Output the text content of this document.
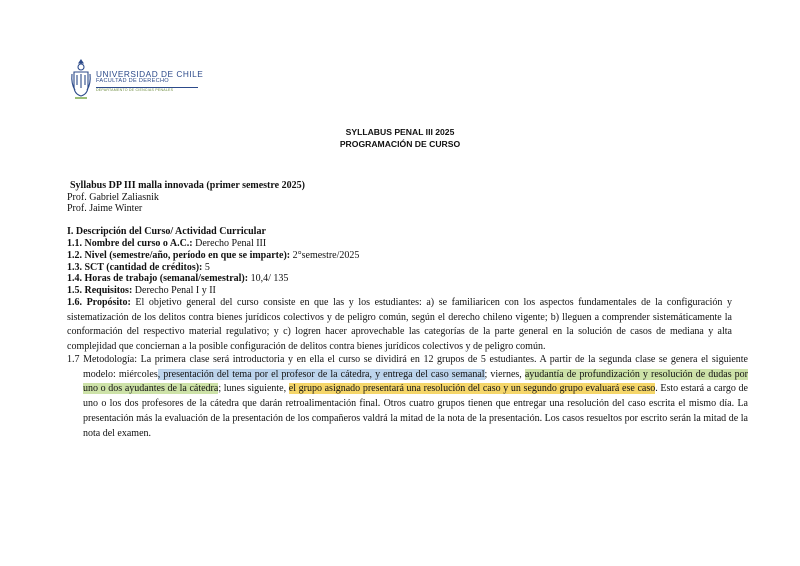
UNIVERSIDAD DE CHILE
FACULTAD DE DERECHO
DEPARTAMENTO DE CIENCIAS PENALES
SYLLABUS PENAL III 2025
PROGRAMACIÓN DE CURSO
Syllabus DP III malla innovada (primer semestre 2025)
Prof. Gabriel Zaliasnik
Prof. Jaime Winter
I. Descripción del Curso/ Actividad Curricular
1.1. Nombre del curso o A.C.: Derecho Penal III
1.2. Nivel (semestre/año, período en que se imparte): 2°semestre/2025
1.3. SCT (cantidad de créditos): 5
1.4. Horas de trabajo (semanal/semestral): 10,4/ 135
1.5. Requisitos: Derecho Penal I y II
1.6. Propósito: El objetivo general del curso consiste en que las y los estudiantes: a) se familiaricen con los aspectos fundamentales de la configuración y sistematización de los delitos contra bienes jurídicos colectivos y de peligro común, según el derecho chileno vigente; b) lleguen a comprender sistemáticamente la conformación del respectivo material regulativo; y c) logren hacer aprovechable las categorías de la parte general en la solución de casos de mediana y alta complejidad que conciernan a la posible configuración de delitos contra bienes jurídicos colectivos y de peligro común.
1.7 Metodología: La primera clase será introductoria y en ella el curso se dividirá en 12 grupos de 5 estudiantes. A partir de la segunda clase se genera el siguiente modelo: miércoles, presentación del tema por el profesor de la cátedra, y entrega del caso semanal; viernes, ayudantía de profundización y resolución de dudas por uno o dos ayudantes de la cátedra; lunes siguiente, el grupo asignado presentará una resolución del caso y un segundo grupo evaluará ese caso. Esto estará a cargo de uno o los dos profesores de la cátedra que darán retroalimentación final. Otros cuatro grupos tienen que entregar una resolución del caso escrita el mismo día. La presentación más la evaluación de la presentación de los compañeros valdrá la mitad de la nota de la presentación. Los casos resueltos por escrito serán la mitad de la nota del examen.
